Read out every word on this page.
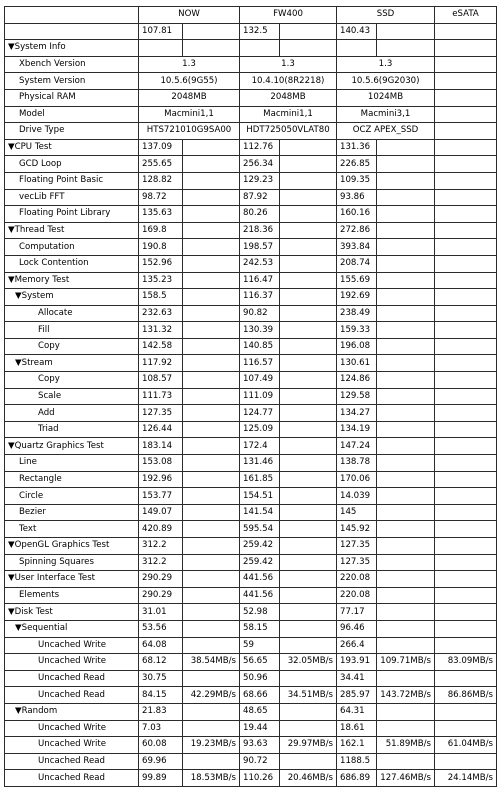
	NOW		FW400		SSD		eSATA
	107.81		132.5		140.43		
▼System Info							
Xbench Version	1.3		1.3		1.3		
System Version	10.5.6(9G55)		10.4.10(8R2218)		10.5.6(9G2030)		
Physical RAM	2048MB		2048MB		1024MB		
Model	Macmini1,1		Macmini1,1		Macmini3,1		
Drive Type	HTS721010G9SA00		HDT725050VLAT80		OCZ APEX_SSD		
▼CPU Test	137.09		112.76		131.36		
GCD Loop	255.65		256.34		226.85		
Floating Point Basic	128.82		129.23		109.35		
vecLib FFT	98.72		87.92		93.86		
Floating Point Library	135.63		80.26		160.16		
▼Thread Test	169.8		218.36		272.86		
Computation	190.8		198.57		393.84		
Lock Contention	152.96		242.53		208.74		
▼Memory Test	135.23		116.47		155.69		
▼System	158.5		116.37		192.69		
Allocate	232.63		90.82		238.49		
Fill	131.32		130.39		159.33		
Copy	142.58		140.85		196.08		
▼Stream	117.92		116.57		130.61		
Copy	108.57		107.49		124.86		
Scale	111.73		111.09		129.58		
Add	127.35		124.77		134.27		
Triad	126.44		125.09		134.19		
▼Quartz Graphics Test	183.14		172.4		147.24		
Line	153.08		131.46		138.78		
Rectangle	192.96		161.85		170.06		
Circle	153.77		154.51		14.039		
Bezier	149.07		141.54		145		
Text	420.89		595.54		145.92		
▼OpenGL Graphics Test	312.2		259.42		127.35		
Spinning Squares	312.2		259.42		127.35		
▼User Interface Test	290.29		441.56		220.08		
Elements	290.29		441.56		220.08		
▼Disk Test	31.01		52.98		77.17		
▼Sequential	53.56		58.15		96.46		
Uncached Write	64.08		59		266.4		
Uncached Write	68.12	38.54MB/s	56.65	32.05MB/s	193.91	109.71MB/s	83.09MB/s
Uncached Read	30.75		50.96		34.41		
Uncached Read	84.15	42.29MB/s	68.66	34.51MB/s	285.97	143.72MB/s	86.86MB/s
▼Random	21.83		48.65		64.31		
Uncached Write	7.03		19.44		18.61		
Uncached Write	60.08	19.23MB/s	93.63	29.97MB/s	162.1	51.89MB/s	61.04MB/s
Uncached Read	69.96		90.72		1188.5		
Uncached Read	99.89	18.53MB/s	110.26	20.46MB/s	686.89	127.46MB/s	24.14MB/s
